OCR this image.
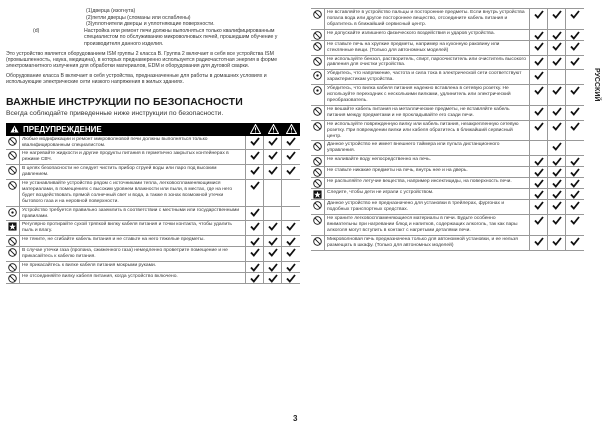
(1)дверца (изогнута)
(2)петли дверцы (сломаны или ослаблены)
(3)уплотнители дверцы и уплотняющие поверхности.
(d)	Настройка или ремонт печи должны выполняться только квалифицированным специалистом по обслуживанию микроволновых печей, прошедшим обучение у производителя данного изделия.

Это устройство является оборудованием ISM группы 2 класса B. Группа 2 включает в себя все устройства ISM (промышленность, наука, медицина), в которых преднамеренно используется радиочастотная энергия в форме электромагнитного излучения для обработки материалов, EDM и оборудования для дуговой сварки.

Оборудование класса B включает в себя устройства, предназначенные для работы в домашних условиях и использующие электрические сети низкого напряжения в жилых зданиях.

ВАЖНЫЕ ИНСТРУКЦИИ ПО БЕЗОПАСНОСТИ

Всегда соблюдайте приведенные ниже инструкции по безопасности.

ПРЕДУПРЕЖДЕНИЕ
Любые модификации и ремонт микроволновой печи должны выполняться только квалифицированным специалистом.
Не нагревайте жидкости и другие продукты питания в герметично закрытых контейнерах в режиме СВЧ.
В целях безопасности не следует чистить прибор струей воды или паро под высоким давлением.
Не устанавливайте устройство рядом с источниками тепла, легковоспламеняющимися материалами, в помещениях с высоким уровнем влажности или пыли, в местах, где на него будет воздействовать прямой солнечный свет и вода, а также в зонах возможной утечки бытового газа и на неровной поверхности.
Устройство требуется правильно заземлить в соответствии с местными или государственными правилами.
Регулярно протирайте сухой тряпкой вилку кабеля питания и точки контакта, чтобы удалить пыль и влагу.
Не тяните, не сгибайте кабель питания и не ставьте на него тяжелые предметы.
В случае утечки газа (пропана, сжиженного газа) немедленно проветрите помещение и не прикасайтесь к кабелю питания.
Не прикасайтесь к вилке кабеля питания мокрыми руками.
Не отсоединяйте вилку кабеля питания, когда устройство включено.
Не вставляйте в устройство пальцы и посторонние предметы. Если внутрь устройства попала вода или другое постороннее вещество, отсоедините кабель питания и обратитесь в ближайший сервисный центр.
Не допускайте излишнего физического воздействия и ударов устройства.
Не ставьте печь на хрупкие предметы, например на кухонную раковину или стеклянные вещи. (Только для автономных моделей)
Не используйте бензол, растворитель, спирт, пароочиститель или очиститель высокого давления для очистки устройства.
Убедитесь, что напряжение, частота и сила тока в электрической сети соответствуют характеристикам устройства.
Убедитесь, что вилка кабеля питания надежно вставлена в сетевую розетку. Не используйте переходник с несколькими вилками, удлинитель или электрический преобразователь.
Не вешайте кабель питания на металлические предметы, не вставляйте кабель питания между предметами и не прокладывайте его сзади печи.
Не используйте поврежденную вилку или кабель питания, незакрепленную сетевую розетку. При повреждении вилки или кабеля обратитесь в ближайший сервисный центр.
Данное устройство не имеет внешнего таймера или пульта дистанционного управления.
Не наливайте воду непосредственно на печь.
Не ставьте никакие предметы на печь, внутрь нее и на дверь.
Не распыляйте летучие вещества, например инсектициды, на поверхность печи.
Следите, чтобы дети не играли с устройством.
Данное устройство не предназначено для установки в трейлерах, фургонах и подобных транспортных средствах.
Не храните легковоспламеняющиеся материалы в печи. Будьте особенно внимательны при нагревании блюд и напитков, содержащих алкоголь, так как пары алкоголя могут вступить в контакт с нагретыми деталями печи.
Микроволновая печь предназначена только для автономной установки, и ее нельзя размещать в шкафу. (Только для автономных моделей)
РУССКИЙ
3
